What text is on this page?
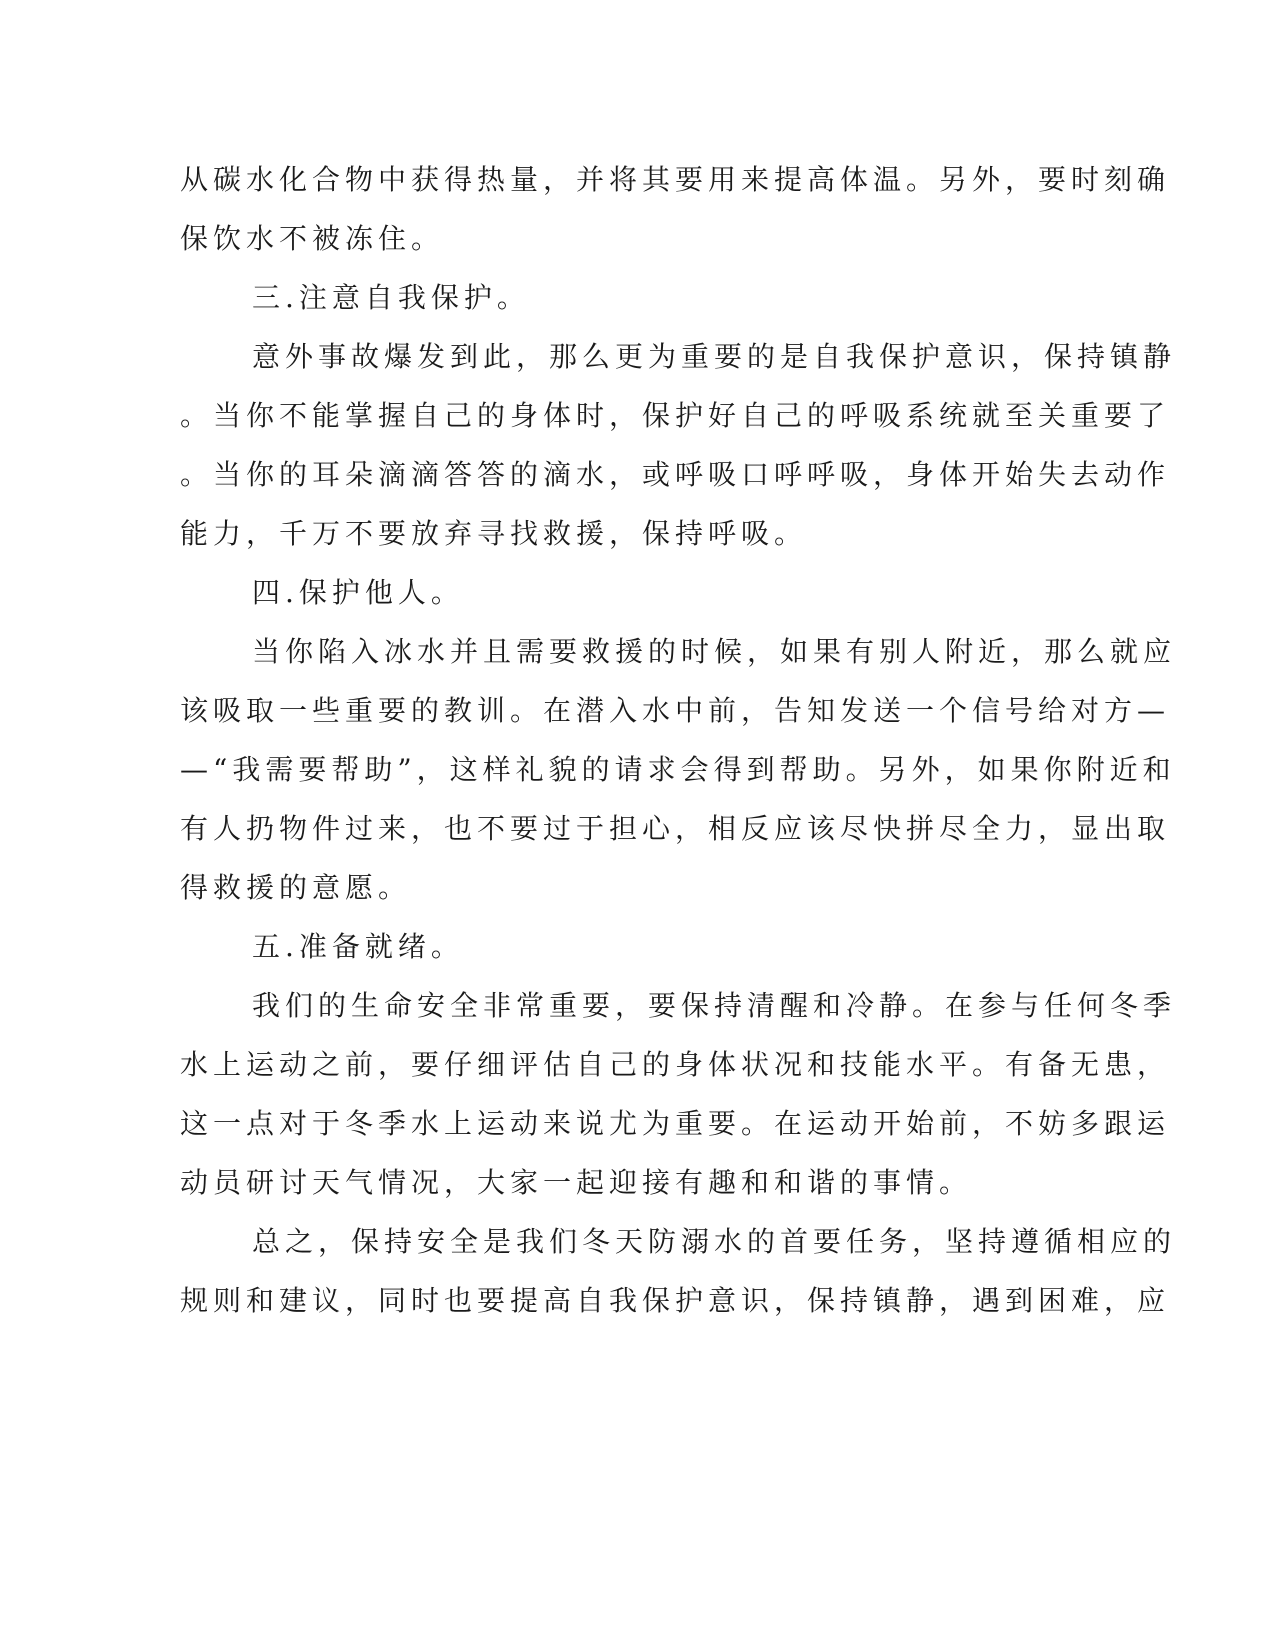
从碳水化合物中获得热量，并将其要用来提高体温。另外，要时刻确
保饮水不被冻住。
三.注意自我保护。
意外事故爆发到此，那么更为重要的是自我保护意识，保持镇静
。当你不能掌握自己的身体时，保护好自己的呼吸系统就至关重要了
。当你的耳朵滴滴答答的滴水，或呼吸口呼呼吸，身体开始失去动作
能力，千万不要放弃寻找救援，保持呼吸。
四.保护他人。
当你陷入冰水并且需要救援的时候，如果有别人附近，那么就应
该吸取一些重要的教训。在潜入水中前，告知发送一个信号给对方—
—“我需要帮助”，这样礼貌的请求会得到帮助。另外，如果你附近和
有人扔物件过来，也不要过于担心，相反应该尽快拼尽全力，显出取
得救援的意愿。
五.准备就绪。
我们的生命安全非常重要，要保持清醒和冷静。在参与任何冬季
水上运动之前，要仔细评估自己的身体状况和技能水平。有备无患，
这一点对于冬季水上运动来说尤为重要。在运动开始前，不妨多跟运
动员研讨天气情况，大家一起迎接有趣和和谐的事情。
总之，保持安全是我们冬天防溺水的首要任务，坚持遵循相应的
规则和建议，同时也要提高自我保护意识，保持镇静，遇到困难，应
